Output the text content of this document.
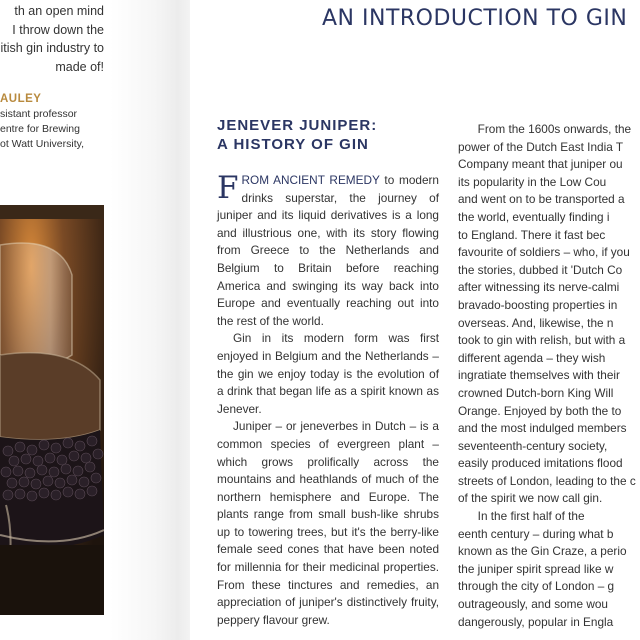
th an open mind
I throw down the
itish gin industry to
made of!
AULEY
sistant professor
entre for Brewing
ot Watt University,
AN INTRODUCTION TO GIN
JENEVER JUNIPER:
A HISTORY OF GIN

FROM ANCIENT REMEDY to modern drinks superstar, the journey of juniper and its liquid derivatives is a long and illustrious one, with its story flowing from Greece to the Netherlands and Belgium to Britain before reaching America and swinging its way back into Europe and eventually reaching out into the rest of the world.

Gin in its modern form was first enjoyed in Belgium and the Netherlands – the gin we enjoy today is the evolution of a drink that began life as a spirit known as Jenever.

Juniper – or jeneverbes in Dutch – is a common species of evergreen plant – which grows prolifically across the mountains and heathlands of much of the northern hemisphere and Europe. The plants range from small bush-like shrubs up to towering trees, but it's the berry-like female seed cones that have been noted for millennia for their medicinal properties. From these tinctures and remedies, an appreciation of juniper's distinctively fruity, peppery flavour grew.

From the 1600s onwards, the
power of the Dutch East India T
Company meant that juniper ou
its popularity in the Low Cou
and went on to be transported a
the world, eventually finding i
to England. There it fast bec
favourite of soldiers – who, if you
the stories, dubbed it 'Dutch Co
after witnessing its nerve-calmi
bravado-boosting properties in
overseas. And, likewise, the n
took to gin with relish, but with a
different agenda – they wish
ingratiate themselves with their
crowned Dutch-born King Will
Orange. Enjoyed by both the to
and the most indulged members
seventeenth-century society,
easily produced imitations flood
streets of London, leading to the c
of the spirit we now call gin.
In the first half of the
eenth century – during what b
known as the Gin Craze, a perio
the juniper spirit spread like w
through the city of London – g
outrageously, and some wou
dangerously, popular in Engla
